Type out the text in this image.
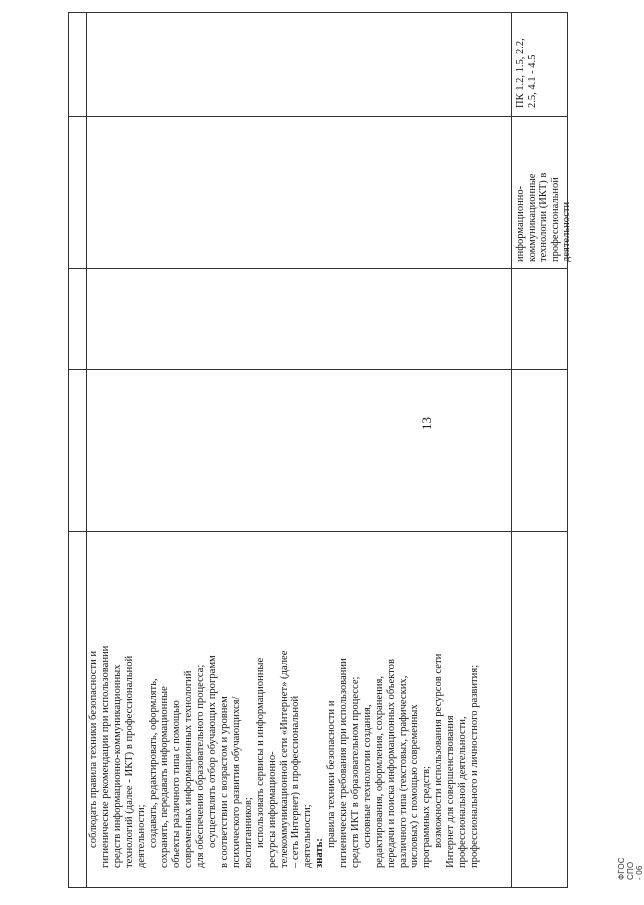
ПК 1.2, 1.5, 2.2, 2.5, 4.1 - 4.5
информационно- коммуникационные технологии (ИКТ) в профессиональной деятельности
соблюдать правила техники безопасности и гигиенические рекомендации при использовании средств информационно-коммуникационных технологий (далее - ИКТ) в профессиональной деятельности; создавать, редактировать, оформлять, сохранять, передавать информационные объекты различного типа с помощью современных информационных технологий для обеспечения образовательного процесса; осуществлять отбор обучающих программ в соответствии с возрастом и уровнем психического развития обучающихся/ воспитанников; использовать сервисы и информационные ресурсы информационно- телекоммуникационной сети «Интернет» (далее – сеть Интернет) в профессиональной деятельности; знать:
правила техники безопасности и гигиенические требования при использовании средств ИКТ в образовательном процессе; основные технологии создания, редактирования, оформления, сохранения, передачи и поиска информационных объектов различного типа (текстовых, графических, числовых) с помощью современных программных средств; возможности использования ресурсов сети Интернет для совершенствования профессиональной деятельности, профессионального и личностного развития;
13
ФГОС СПО - 06
